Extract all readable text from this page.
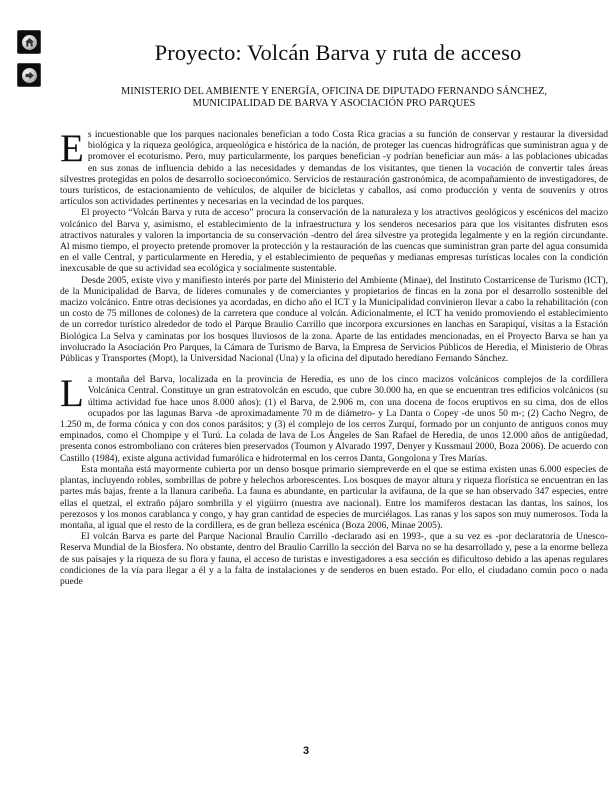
Proyecto: Volcán Barva y ruta de acceso
MINISTERIO DEL AMBIENTE Y ENERGÍA, OFICINA DE DIPUTADO FERNANDO SÁNCHEZ,
MUNICIPALIDAD DE BARVA Y ASOCIACIÓN PRO PARQUES

Es incuestionable que los parques nacionales benefician a todo Costa Rica gracias a su función de conservar y restaurar la diversidad biológica y la riqueza geológica, arqueológica e histórica de la nación, de proteger las cuencas hidrográficas que suministran agua y de promover el ecoturismo. Pero, muy particularmente, los parques benefician -y podrían beneficiar aun más- a las poblaciones ubicadas en sus zonas de influencia debido a las necesidades y demandas de los visitantes, que tienen la vocación de convertir tales áreas silvestres protegidas en polos de desarrollo socioeconómico. Servicios de restauración gastronómica, de acompañamiento de investigadores, de tours turísticos, de estacionamiento de vehículos, de alquiler de bicicletas y caballos, así como producción y venta de souvenirs y otros artículos son actividades pertinentes y necesarias en la vecindad de los parques.

El proyecto “Volcán Barva y ruta de acceso” procura la conservación de la naturaleza y los atractivos geológicos y escénicos del macizo volcánico del Barva y, asimismo, el establecimiento de la infraestructura y los senderos necesarios para que los visitantes disfruten esos atractivos naturales y valoren la importancia de su conservación -dentro del área silvestre ya protegida legalmente y en la región circundante. Al mismo tiempo, el proyecto pretende promover la protección y la restauración de las cuencas que suministran gran parte del agua consumida en el valle Central, y particularmente en Heredia, y el establecimiento de pequeñas y medianas empresas turísticas locales con la condición inexcusable de que su actividad sea ecológica y socialmente sustentable.

Desde 2005, existe vivo y manifiesto interés por parte del Ministerio del Ambiente (Minae), del Instituto Costarricense de Turismo (ICT), de la Municipalidad de Barva, de líderes comunales y de comerciantes y propietarios de fincas en la zona por el desarrollo sostenible del macizo volcánico. Entre otras decisiones ya acordadas, en dicho año el ICT y la Municipalidad convinieron llevar a cabo la rehabilitación (con un costo de 75 millones de colones) de la carretera que conduce al volcán. Adicionalmente, el ICT ha venido promoviendo el establecimiento de un corredor turístico alrededor de todo el Parque Braulio Carrillo que incorpora excursiones en lanchas en Sarapiquí, visitas a la Estación Biológica La Selva y caminatas por los bosques lluviosos de la zona. Aparte de las entidades mencionadas, en el Proyecto Barva se han ya involucrado la Asociación Pro Parques, la Cámara de Turismo de Barva, la Empresa de Servicios Públicos de Heredia, el Ministerio de Obras Públicas y Transportes (Mopt), la Universidad Nacional (Una) y la oficina del diputado herediano Fernando Sánchez.

La montaña del Barva, localizada en la provincia de Heredia, es uno de los cinco macizos volcánicos complejos de la cordillera Volcánica Central. Constituye un gran estratovolcán en escudo, que cubre 30.000 ha, en que se encuentran tres edificios volcánicos (su última actividad fue hace unos 8.000 años): (1) el Barva, de 2.906 m, con una docena de focos eruptivos en su cima, dos de ellos ocupados por las lagunas Barva -de aproximadamente 70 m de diámetro- y La Danta o Copey -de unos 50 m-; (2) Cacho Negro, de 1.250 m, de forma cónica y con dos conos parásitos; y (3) el complejo de los cerros Zurquí, formado por un conjunto de antiguos conos muy empinados, como el Chompipe y el Turú. La colada de lava de Los Ángeles de San Rafael de Heredia, de unos 12.000 años de antigüedad, presenta conos estromboliano con cráteres bien preservados (Toumon y Alvarado 1997, Denyer y Kussmaul 2000, Boza 2006). De acuerdo con Castillo (1984), existe alguna actividad fumarólica e hidrotermal en los cerros Danta, Gongolona y Tres Marías.

Esta montaña está mayormente cubierta por un denso bosque primario siempreverde en el que se estima existen unas 6.000 especies de plantas, incluyendo robles, sombrillas de pobre y helechos arborescentes. Los bosques de mayor altura y riqueza florística se encuentran en las partes más bajas, frente a la llanura caribeña. La fauna es abundante, en particular la avifauna, de la que se han observado 347 especies, entre ellas el quetzal, el extraño pájaro sombrilla y el yigüirro (nuestra ave nacional). Entre los mamíferos destacan las dantas, los saínos, los perezosos y los monos carablanca y congo, y hay gran cantidad de especies de murciélagos. Las ranas y los sapos son muy numerosos. Toda la montaña, al igual que el resto de la cordillera, es de gran belleza escénica (Boza 2006, Minae 2005).

El volcán Barva es parte del Parque Nacional Braulio Carrillo -declarado así en 1993-, que a su vez es -por declaratoria de Unesco- Reserva Mundial de la Biosfera. No obstante, dentro del Braulio Carrillo la sección del Barva no se ha desarrollado y, pese a la enorme belleza de sus paisajes y la riqueza de su flora y fauna, el acceso de turistas e investigadores a esa sección es dificultoso debido a las apenas regulares condiciones de la vía para llegar a él y a la falta de instalaciones y de senderos en buen estado. Por ello, el ciudadano común poco o nada puede

3
